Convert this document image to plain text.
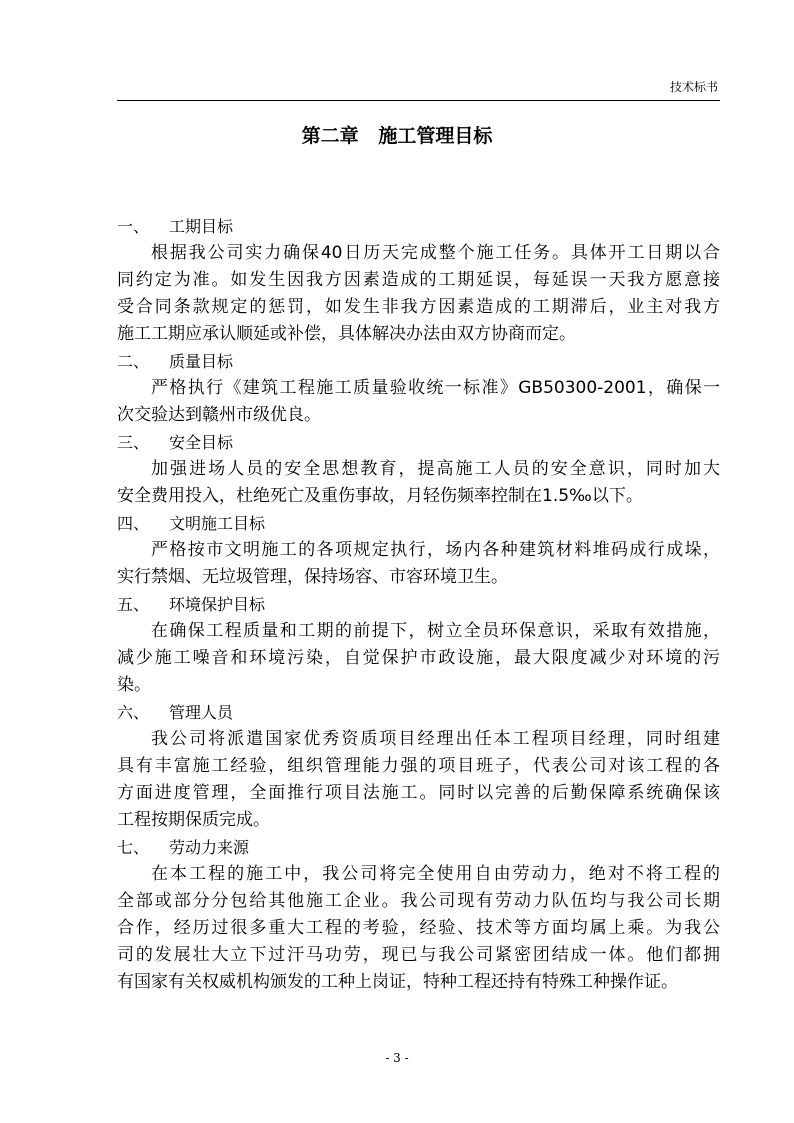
技术标书
第二章   施工管理目标
一、 工期目标
根据我公司实力确保40日历天完成整个施工任务。具体开工日期以合
同约定为准。如发生因我方因素造成的工期延误，每延误一天我方愿意接
受合同条款规定的惩罚，如发生非我方因素造成的工期滞后，业主对我方
施工工期应承认顺延或补偿，具体解决办法由双方协商而定。
二、 质量目标
严格执行《建筑工程施工质量验收统一标准》GB50300-2001，确保一
次交验达到赣州市级优良。
三、 安全目标
加强进场人员的安全思想教育，提高施工人员的安全意识，同时加大
安全费用投入，杜绝死亡及重伤事故，月轻伤频率控制在1.5‰以下。
四、 文明施工目标
严格按市文明施工的各项规定执行，场内各种建筑材料堆码成行成垛，
实行禁烟、无垃圾管理，保持场容、市容环境卫生。
五、 环境保护目标
在确保工程质量和工期的前提下，树立全员环保意识，采取有效措施，
减少施工噪音和环境污染，自觉保护市政设施，最大限度减少对环境的污
染。
六、 管理人员
我公司将派遣国家优秀资质项目经理出任本工程项目经理，同时组建
具有丰富施工经验，组织管理能力强的项目班子，代表公司对该工程的各
方面进度管理，全面推行项目法施工。同时以完善的后勤保障系统确保该
工程按期保质完成。
七、 劳动力来源
在本工程的施工中，我公司将完全使用自由劳动力，绝对不将工程的
全部或部分分包给其他施工企业。我公司现有劳动力队伍均与我公司长期
合作，经历过很多重大工程的考验，经验、技术等方面均属上乘。为我公
司的发展壮大立下过汗马功劳，现已与我公司紧密团结成一体。他们都拥
有国家有关权威机构颁发的工种上岗证，特种工程还持有特殊工种操作证。
- 3 -
